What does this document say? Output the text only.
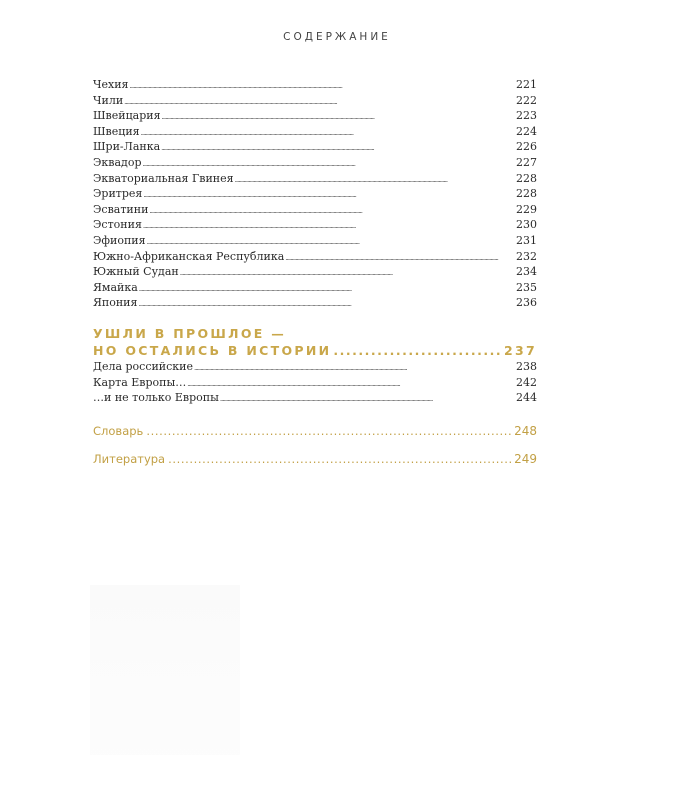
СОДЕРЖАНИЕ
Чехия . . .	221
Чили . . .	222
Швейцария . . .	223
Швеция . . .	224
Шри-Ланка . . .	226
Эквадор . . .	227
Экваториальная Гвинея . . .	228
Эритрея . . .	228
Эсватини . . .	229
Эстония . . .	230
Эфиопия . . .	231
Южно-Африканская Республика . . .	232
Южный Судан . . .	234
Ямайка . . .	235
Япония . . .	236
УШЛИ В ПРОШЛОЕ —
НО ОСТАЛИСЬ В ИСТОРИИ .....	237
Дела российские . . .	238
Карта Европы… . . .	242
…и не только Европы . . .	244
Словарь .....	248
Литература .....	249
